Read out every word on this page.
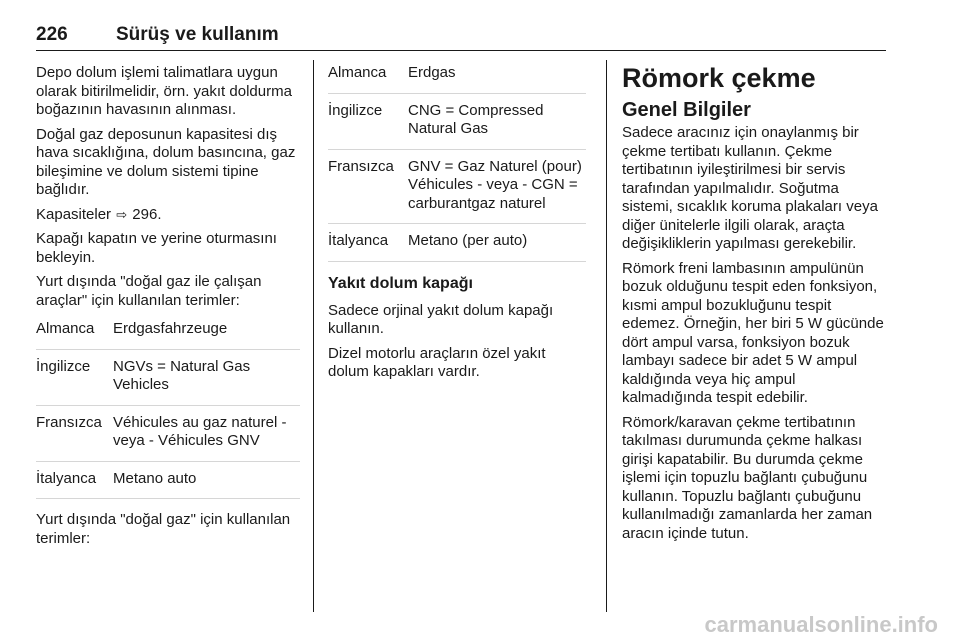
226	Sürüş ve kullanım

Depo dolum işlemi talimatlara uygun olarak bitirilmelidir, örn. yakıt doldurma boğazının havasının alınması.

Doğal gaz deposunun kapasitesi dış hava sıcaklığına, dolum basıncına, gaz bileşimine ve dolum sistemi tipine bağlıdır.

Kapasiteler ⇨ 296.

Kapağı kapatın ve yerine oturmasını bekleyin.

Yurt dışında "doğal gaz ile çalışan araçlar" için kullanılan terimler:

Almanca Erdgasfahrzeuge
İngilizce NGVs = Natural Gas Vehicles
Fransızca Véhicules au gaz naturel - veya - Véhicules GNV
İtalyanca Metano auto

Yurt dışında "doğal gaz" için kullanılan terimler:

Almanca Erdgas
İngilizce CNG = Compressed Natural Gas
Fransızca GNV = Gaz Naturel (pour) Véhicules - veya - CGN = carburantgaz naturel
İtalyanca Metano (per auto)
Yakıt dolum kapağı

Sadece orjinal yakıt dolum kapağı kullanın.

Dizel motorlu araçların özel yakıt dolum kapakları vardır.

Römork çekme
Genel Bilgiler

Sadece aracınız için onaylanmış bir çekme tertibatı kullanın. Çekme tertibatının iyileştirilmesi bir servis tarafından yapılmalıdır. Soğutma sistemi, sıcaklık koruma plakaları veya diğer ünitelerle ilgili olarak, araçta değişikliklerin yapılması gerekebilir.

Römork freni lambasının ampulünün bozuk olduğunu tespit eden fonksiyon, kısmi ampul bozukluğunu tespit edemez. Örneğin, her biri 5 W gücünde dört ampul varsa, fonksiyon bozuk lambayı sadece bir adet 5 W ampul kaldığında veya hiç ampul kalmadığında tespit edebilir.

Römork/karavan çekme tertibatının takılması durumunda çekme halkası girişi kapatabilir. Bu durumda çekme işlemi için topuzlu bağlantı çubuğunu kullanın. Topuzlu bağlantı çubuğunu kullanılmadığı zamanlarda her zaman aracın içinde tutun.

carmanualsonline.info
